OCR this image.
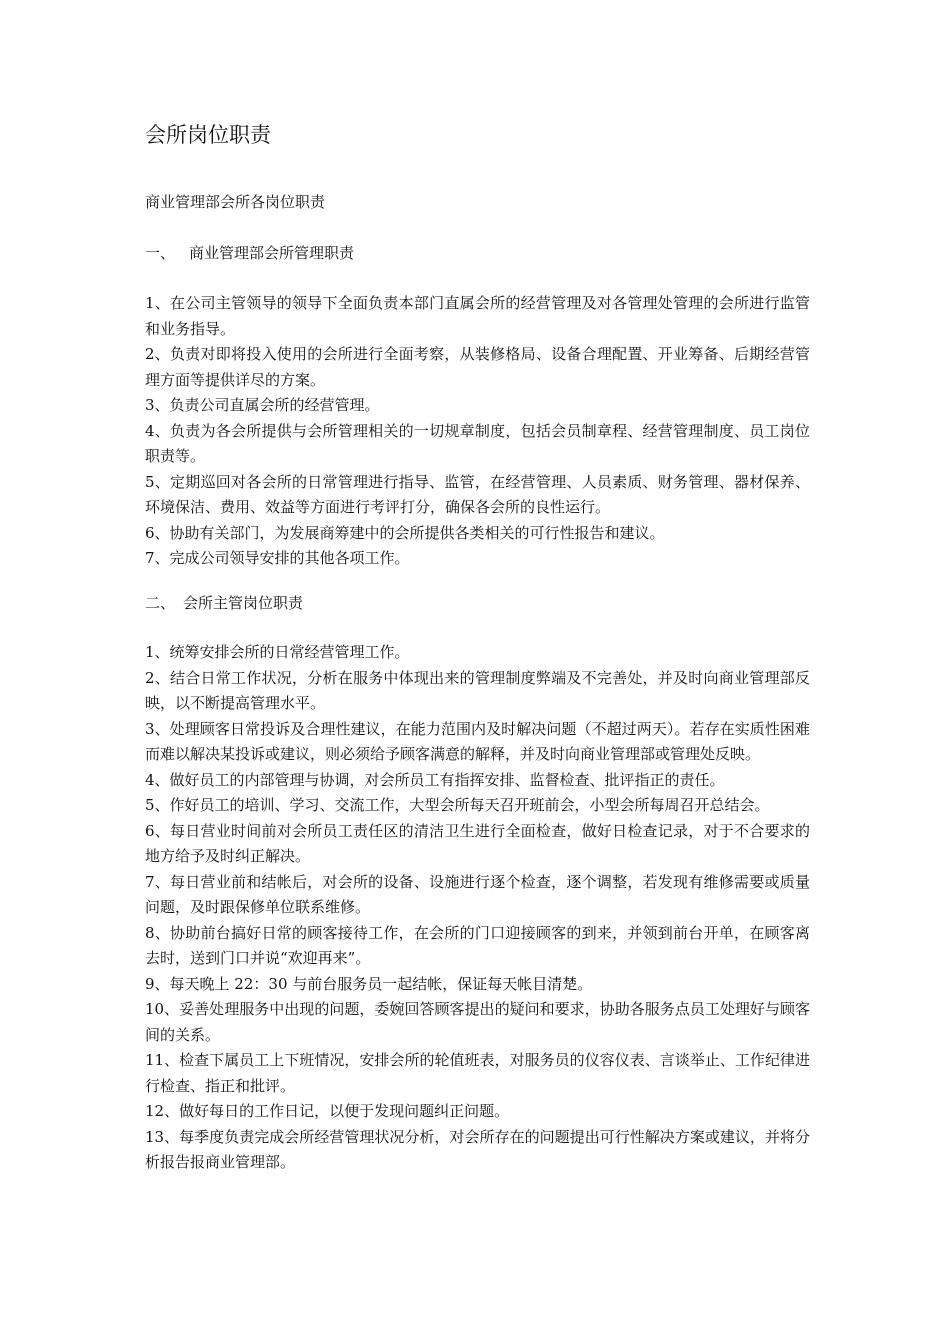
会所岗位职责
商业管理部会所各岗位职责
一、 商业管理部会所管理职责
1、在公司主管领导的领导下全面负责本部门直属会所的经营管理及对各管理处管理的会所进行监管和业务指导。
2、负责对即将投入使用的会所进行全面考察，从装修格局、设备合理配置、开业筹备、后期经营管理方面等提供详尽的方案。
3、负责公司直属会所的经营管理。
4、负责为各会所提供与会所管理相关的一切规章制度，包括会员制章程、经营管理制度、员工岗位职责等。
5、定期巡回对各会所的日常管理进行指导、监管，在经营管理、人员素质、财务管理、器材保养、环境保洁、费用、效益等方面进行考评打分，确保各会所的良性运行。
6、协助有关部门，为发展商筹建中的会所提供各类相关的可行性报告和建议。
7、完成公司领导安排的其他各项工作。
二、 会所主管岗位职责
1、统筹安排会所的日常经营管理工作。
2、结合日常工作状况，分析在服务中体现出来的管理制度弊端及不完善处，并及时向商业管理部反映，以不断提高管理水平。
3、处理顾客日常投诉及合理性建议，在能力范围内及时解决问题（不超过两天）。若存在实质性困难而难以解决某投诉或建议，则必须给予顾客满意的解释，并及时向商业管理部或管理处反映。
4、做好员工的内部管理与协调，对会所员工有指挥安排、监督检查、批评指正的责任。
5、作好员工的培训、学习、交流工作，大型会所每天召开班前会，小型会所每周召开总结会。
6、每日营业时间前对会所员工责任区的清洁卫生进行全面检查，做好日检查记录，对于不合要求的地方给予及时纠正解决。
7、每日营业前和结帐后，对会所的设备、设施进行逐个检查，逐个调整，若发现有维修需要或质量问题，及时跟保修单位联系维修。
8、协助前台搞好日常的顾客接待工作，在会所的门口迎接顾客的到来，并领到前台开单，在顾客离去时，送到门口并说“欢迎再来”。
9、每天晚上 22：30 与前台服务员一起结帐，保证每天帐目清楚。
10、妥善处理服务中出现的问题，委婉回答顾客提出的疑问和要求，协助各服务点员工处理好与顾客间的关系。
11、检查下属员工上下班情况，安排会所的轮值班表，对服务员的仪容仪表、言谈举止、工作纪律进行检查、指正和批评。
12、做好每日的工作日记，以便于发现问题纠正问题。
13、每季度负责完成会所经营管理状况分析，对会所存在的问题提出可行性解决方案或建议，并将分析报告报商业管理部。
